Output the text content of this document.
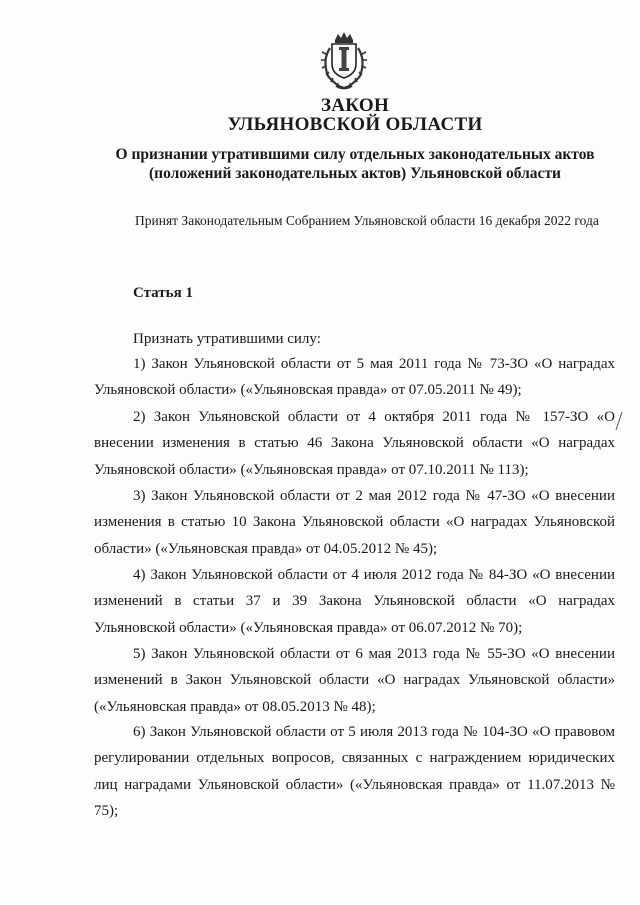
ЗАКОН
УЛЬЯНОВСКОЙ ОБЛАСТИ

О признании утратившими силу отдельных законодательных актов

(положений законодательных актов) Ульяновской области

Принят Законодательным Собранием Ульяновской области 16 декабря 2022 года

Статья 1

Признать утратившими силу:

1) Закон Ульяновской области от 5 мая 2011 года № 73-ЗО «О наградах Ульяновской области» («Ульяновская правда» от 07.05.2011 № 49);

2) Закон Ульяновской области от 4 октября 2011 года № 157-ЗО «О внесении изменения в статью 46 Закона Ульяновской области «О наградах Ульяновской области» («Ульяновская правда» от 07.10.2011 № 113);

3) Закон Ульяновской области от 2 мая 2012 года № 47-ЗО «О внесении изменения в статью 10 Закона Ульяновской области «О наградах Ульяновской области» («Ульяновская правда» от 04.05.2012 № 45);

4) Закон Ульяновской области от 4 июля 2012 года № 84-ЗО «О внесении изменений в статьи 37 и 39 Закона Ульяновской области «О наградах Ульяновской области» («Ульяновская правда» от 06.07.2012 № 70);

5) Закон Ульяновской области от 6 мая 2013 года № 55-ЗО «О внесении изменений в Закон Ульяновской области «О наградах Ульяновской области» («Ульяновская правда» от 08.05.2013 № 48);

6) Закон Ульяновской области от 5 июля 2013 года № 104-ЗО «О правовом регулировании отдельных вопросов, связанных с награждением юридических лиц наградами Ульяновской области» («Ульяновская правда» от 11.07.2013 № 75);
